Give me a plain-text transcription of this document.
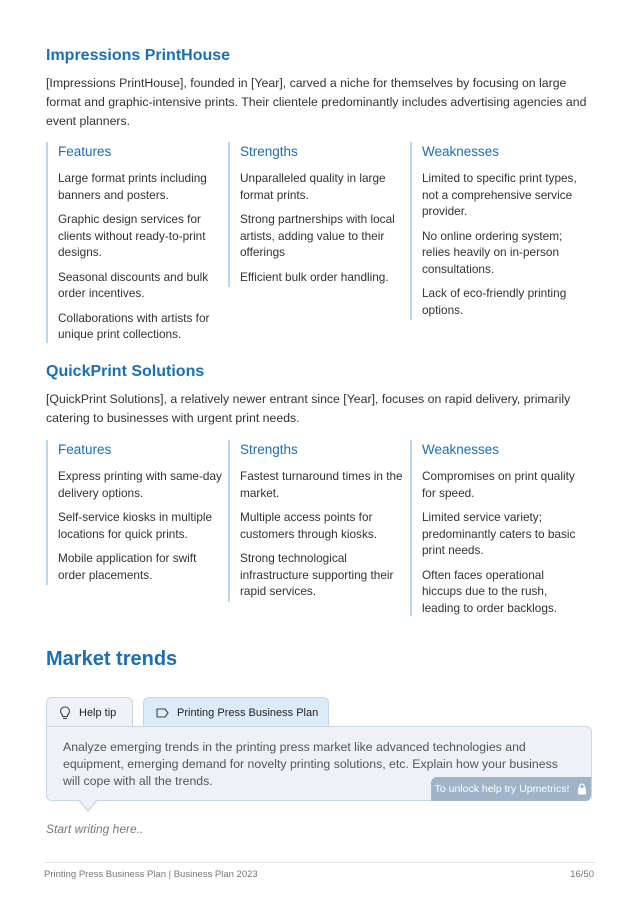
Impressions PrintHouse

[Impressions PrintHouse], founded in [Year], carved a niche for themselves by focusing on large format and graphic-intensive prints. Their clientele predominantly includes advertising agencies and event planners.

Features

Large format prints including banners and posters.

Graphic design services for clients without ready-to-print designs.

Seasonal discounts and bulk order incentives.

Collaborations with artists for unique print collections.

Strengths

Unparalleled quality in large format prints.

Strong partnerships with local artists, adding value to their offerings

Efficient bulk order handling.

Weaknesses

Limited to specific print types, not a comprehensive service provider.

No online ordering system; relies heavily on in-person consultations.

Lack of eco-friendly printing options.

QuickPrint Solutions

[QuickPrint Solutions], a relatively newer entrant since [Year], focuses on rapid delivery, primarily catering to businesses with urgent print needs.

Features

Express printing with same-day delivery options.

Self-service kiosks in multiple locations for quick prints.

Mobile application for swift order placements.

Strengths

Fastest turnaround times in the market.

Multiple access points for customers through kiosks.

Strong technological infrastructure supporting their rapid services.

Weaknesses

Compromises on print quality for speed.

Limited service variety; predominantly caters to basic print needs.

Often faces operational hiccups due to the rush, leading to order backlogs.

Market trends
Help tip	Printing Press Business Plan

Analyze emerging trends in the printing press market like advanced technologies and equipment, emerging demand for novelty printing solutions, etc. Explain how your business will cope with all the trends.

To unlock help try Upmetrics!

Start writing here..

Printing Press Business Plan | Business Plan 2023	16/50
